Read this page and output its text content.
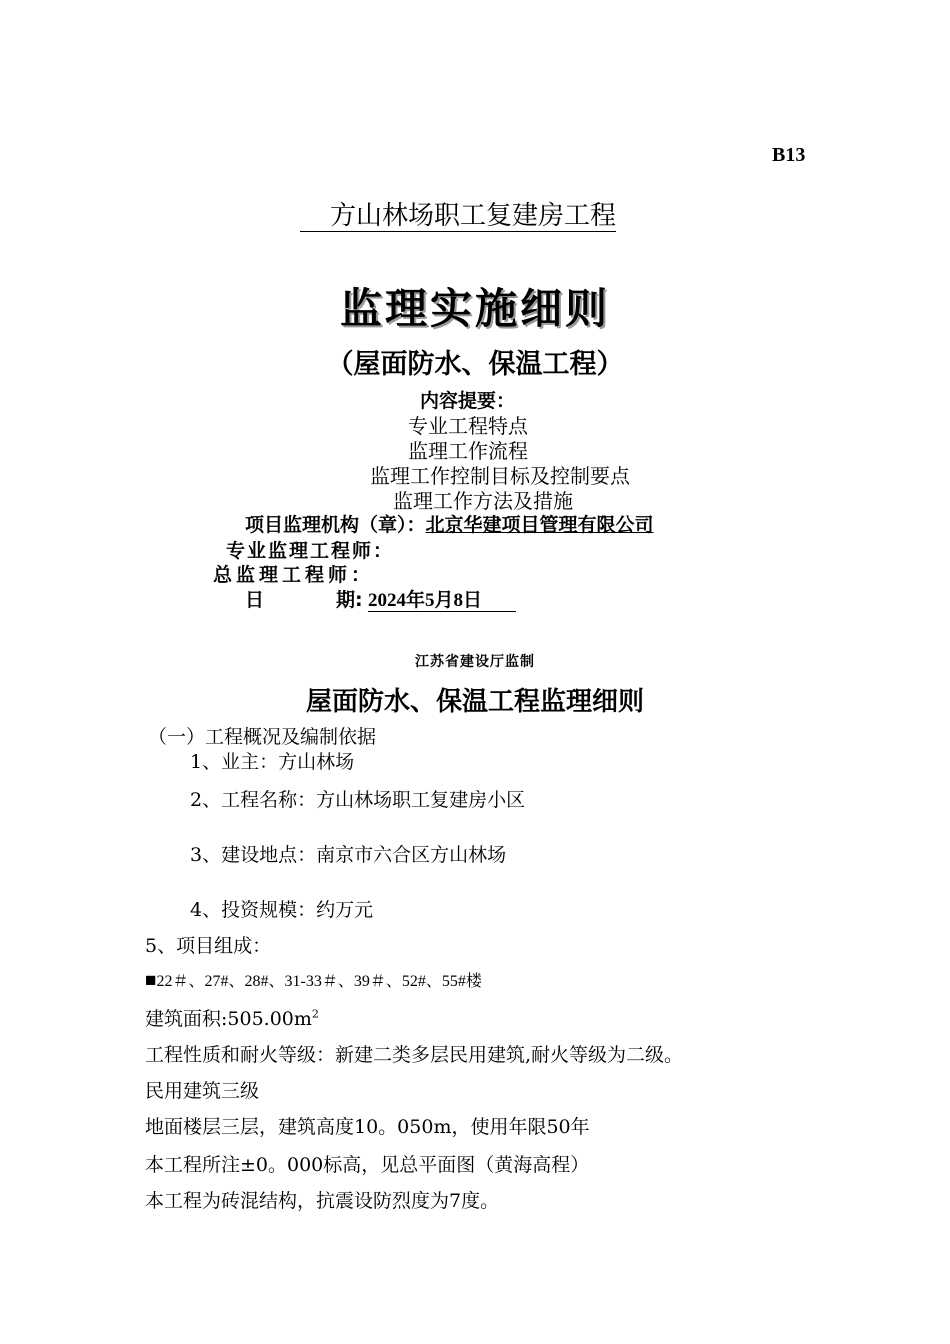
B13
方山林场职工复建房工程
监理实施细则
（屋面防水、保温工程）
内容提要：
专业工程特点
监理工作流程
监理工作控制目标及控制要点
监理工作方法及措施
项目监理机构（章）：北京华建项目管理有限公司
专业监理工程师：
总监理工程师：
日	期: 2024年5月8日
江苏省建设厅监制
屋面防水、保温工程监理细则
（一）工程概况及编制依据
1、业主：方山林场
2、工程名称：方山林场职工复建房小区
3、建设地点：南京市六合区方山林场
4、投资规模：约万元
5、项目组成：
■22＃、27#、28#、31-33＃、39＃、52#、55#楼
建筑面积$:505.00m^2$
工程性质和耐火等级：新建二类多层民用建筑,耐火等级为二级。
民用建筑三级
地面楼层三层，建筑高度10。050m，使用年限50年
本工程所注±0。000标高，见总平面图（黄海高程）
本工程为砖混结构，抗震设防烈度为7度。
